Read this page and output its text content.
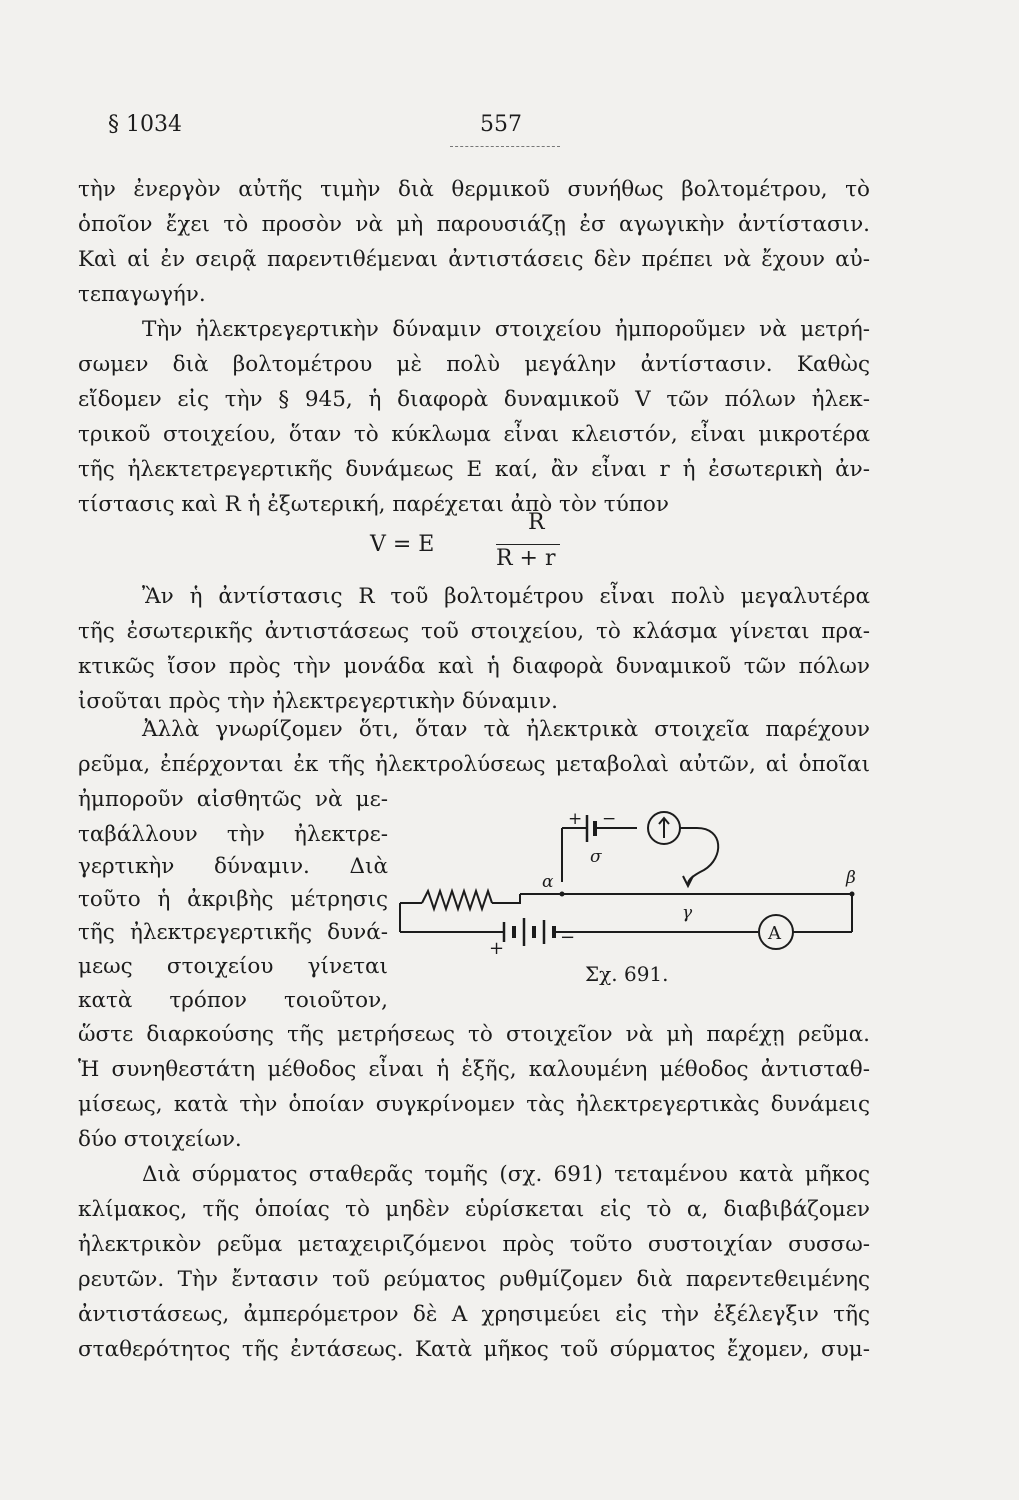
§ 1034	557
τὴν ἐνεργὸν αὐτῆς τιμὴν διὰ θερμικοῦ συνήθως βολτομέτρου, τὸ
ὁποῖον ἔχει τὸ προσὸν νὰ μὴ παρουσιάζῃ ἐσ αγωγικὴν ἀντίστασιν.
Καὶ αἱ ἐν σειρᾷ παρεντιθέμεναι ἀντιστάσεις δὲν πρέπει νὰ ἔχουν αὐ-
τεπαγωγήν.
Τὴν ἠλεκτρεγερτικὴν δύναμιν στοιχείου ἠμποροῦμεν νὰ μετρή-
σωμεν διὰ βολτομέτρου μὲ πολὺ μεγάλην ἀντίστασιν. Καθὼς
εἴδομεν εἰς τὴν § 945, ἡ διαφορὰ δυναμικοῦ V τῶν πόλων ἠλεκ-
τρικοῦ στοιχείου, ὅταν τὸ κύκλωμα εἶναι κλειστόν, εἶναι μικροτέρα
τῆς ἠλεκτετρεγερτικῆς δυνάμεως E καί, ἂν εἶναι r ἡ ἐσωτερικὴ ἀν-
τίστασις καὶ R ἡ ἐξωτερική, παρέχεται ἀπὸ τὸν τύπον
V = E
R
R + r
Ἂν ἡ ἀντίστασις R τοῦ βολτομέτρου εἶναι πολὺ μεγαλυτέρα
τῆς ἐσωτερικῆς ἀντιστάσεως τοῦ στοιχείου, τὸ κλάσμα γίνεται πρα-
κτικῶς ἴσον πρὸς τὴν μονάδα καὶ ἡ διαφορὰ δυναμικοῦ τῶν πόλων
ἰσοῦται πρὸς τὴν ἠλεκτρεγερτικὴν δύναμιν.
Ἀλλὰ γνωρίζομεν ὅτι, ὅταν τὰ ἠλεκτρικὰ στοιχεῖα παρέχουν
ρεῦμα, ἐπέρχονται ἐκ τῆς ἠλεκτρολύσεως μεταβολαὶ αὐτῶν, αἱ ὁποῖαι
ἠμποροῦν αἰσθητῶς νὰ με-
ταβάλλουν τὴν ἠλεκτρε-
γερτικὴν δύναμιν. Διὰ
τοῦτο ἡ ἀκριβὴς μέτρησις
τῆς ἠλεκτρεγερτικῆς δυνά-
μεως στοιχείου γίνεται
κατὰ τρόπον τοιοῦτον,
ὥστε διαρκούσης τῆς μετρήσεως τὸ στοιχεῖον νὰ μὴ παρέχῃ ρεῦμα.
Ἡ συνηθεστάτη μέθοδος εἶναι ἡ ἑξῆς, καλουμένη μέθοδος ἀντισταθ-
μίσεως, κατὰ τὴν ὁποίαν συγκρίνομεν τὰς ἠλεκτρεγερτικὰς δυνάμεις
δύο στοιχείων.
Διὰ σύρματος σταθερᾶς τομῆς (σχ. 691) τεταμένου κατὰ μῆκος
κλίμακος, τῆς ὁποίας τὸ μηδὲν εὑρίσκεται εἰς τὸ α, διαβιβάζομεν
ἠλεκτρικὸν ρεῦμα μεταχειριζόμενοι πρὸς τοῦτο συστοιχίαν συσσω-
ρευτῶν. Τὴν ἔντασιν τοῦ ρεύματος ρυθμίζομεν διὰ παρεντεθειμένης
ἀντιστάσεως, ἀμπερόμετρον δὲ A χρησιμεύει εἰς τὴν ἐξέλεγξιν τῆς
σταθερότητος τῆς ἐντάσεως. Κατὰ μῆκος τοῦ σύρματος ἔχομεν, συμ-
+ −
σ
α	β
γ
A
+
−
Σχ. 691.
